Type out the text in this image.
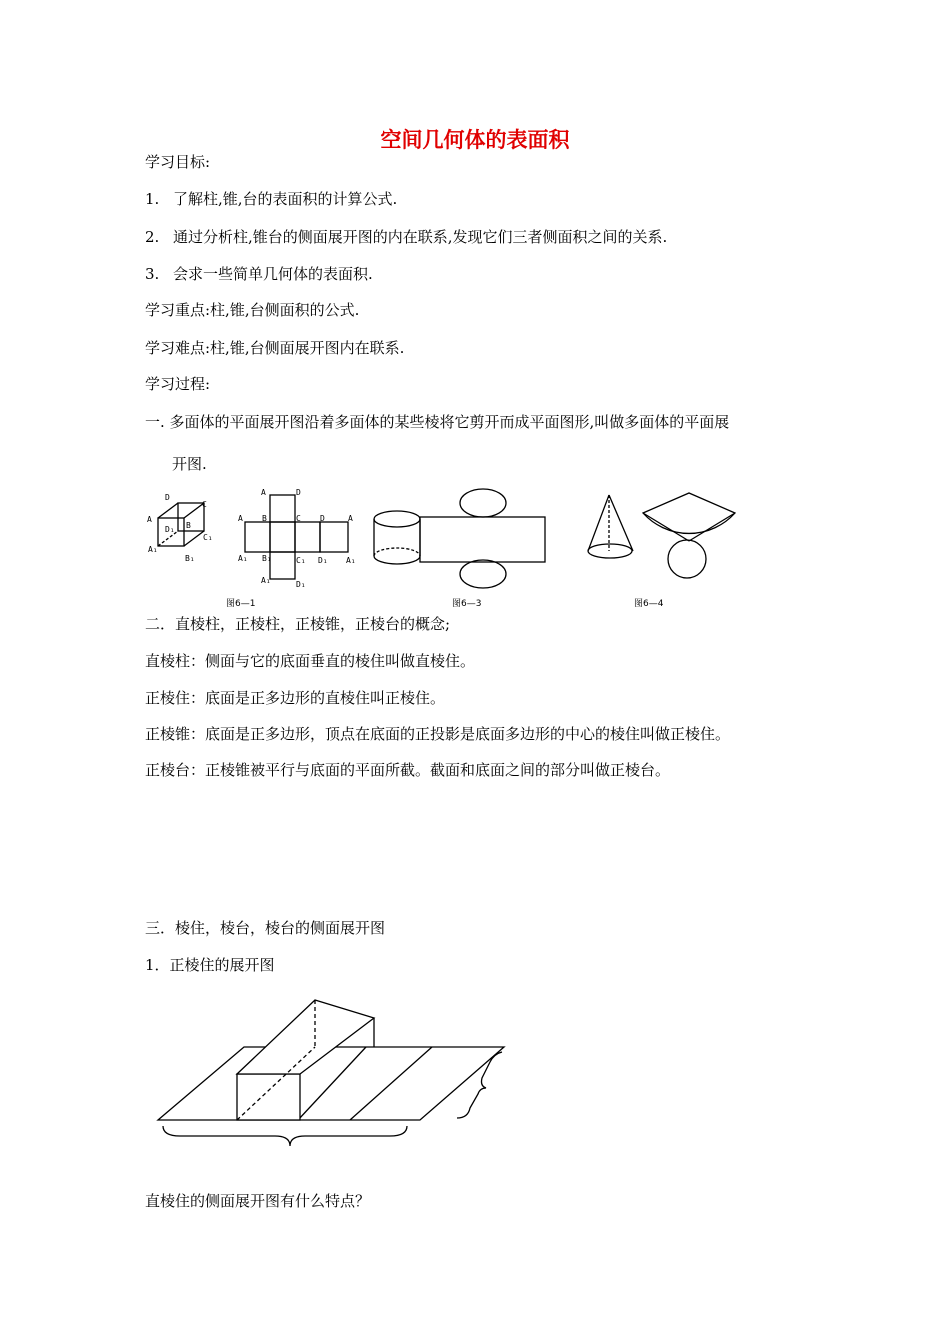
空间几何体的表面积
学习目标:
1. 了解柱,锥,台的表面积的计算公式.
2. 通过分析柱,锥台的侧面展开图的内在联系,发现它们三者侧面积之间的关系.
3. 会求一些简单几何体的表面积.
学习重点:柱,锥,台侧面积的公式.
学习难点:柱,锥,台侧面展开图内在联系.
学习过程:
一. 多面体的平面展开图沿着多面体的某些棱将它剪开而成平面图形,叫做多面体的平面展
开图.
D
C
A
B
D₁
C₁
A₁
B₁
A	D
A B	C D	A
A₁ B₁	C₁ D₁ A₁
A₁	D₁
图6—1	图6—3	图6—4
二．直棱柱，正棱柱，正棱锥，正棱台的概念;
直棱柱：侧面与它的底面垂直的棱住叫做直棱住。
正棱住：底面是正多边形的直棱住叫正棱住。
正棱锥：底面是正多边形，顶点在底面的正投影是底面多边形的中心的棱住叫做正棱住。
正棱台：正棱锥被平行与底面的平面所截。截面和底面之间的部分叫做正棱台。
三．棱住，棱台，棱台的侧面展开图
1．正棱住的展开图
直棱住的侧面展开图有什么特点？
